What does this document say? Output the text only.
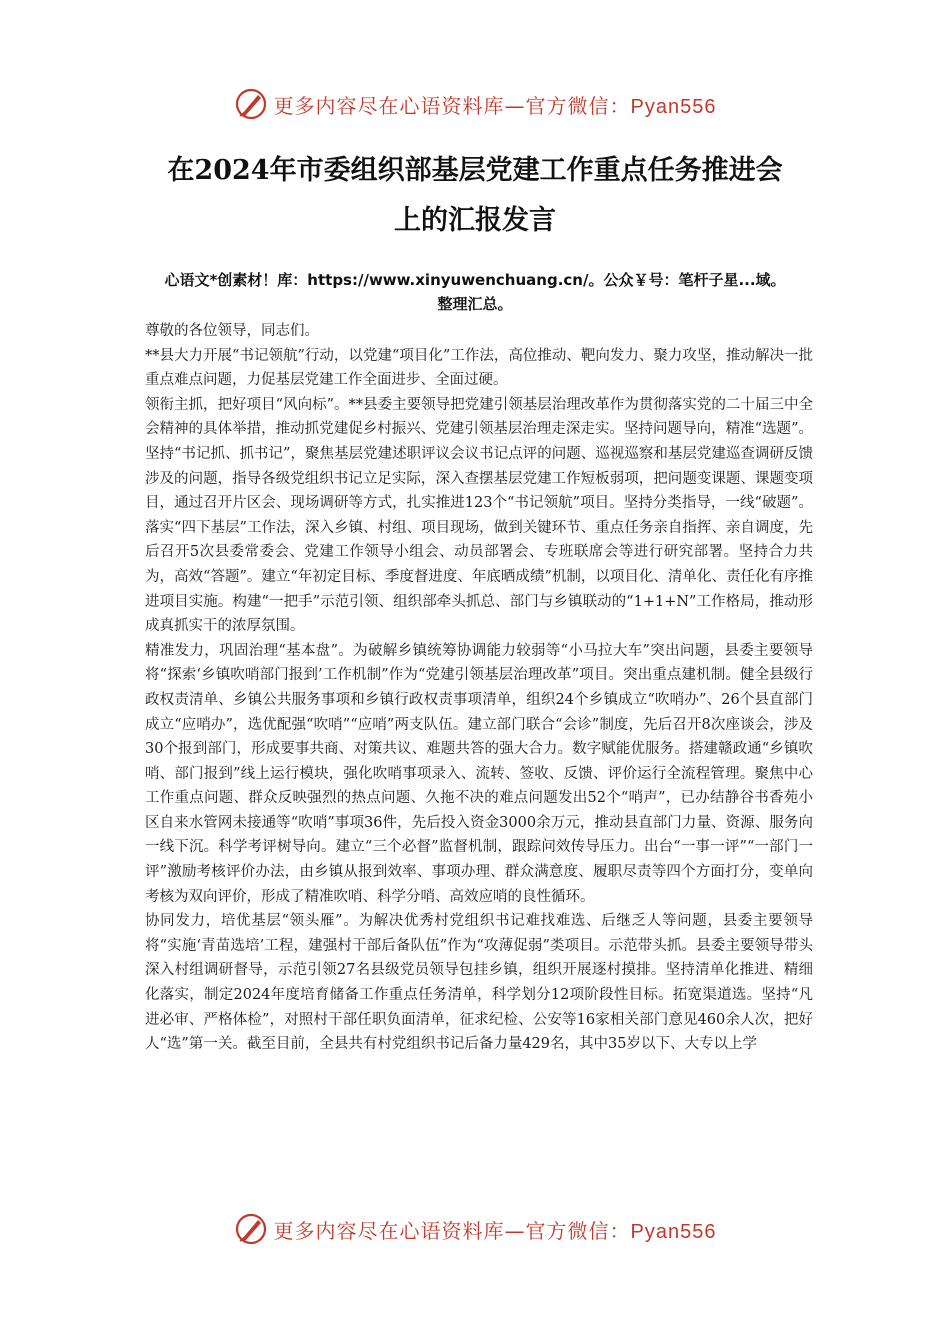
更多内容尽在心语资料库—官方微信：Pyan556
在2024年市委组织部基层党建工作重点任务推进会
上的汇报发言
心语文*创素材！库：https://www.xinyuwenchuang.cn/。公众￥号：笔杆子星...域。
整理汇总。

尊敬的各位领导，同志们。

**县大力开展“书记领航”行动，以党建“项目化”工作法，高位推动、靶向发力、聚力攻坚，推动解决一批重点难点问题，力促基层党建工作全面进步、全面过硬。

领衔主抓，把好项目“风向标”。**县委主要领导把党建引领基层治理改革作为贯彻落实党的二十届三中全会精神的具体举措，推动抓党建促乡村振兴、党建引领基层治理走深走实。坚持问题导向，精准“选题”。坚持“书记抓、抓书记”，聚焦基层党建述职评议会议书记点评的问题、巡视巡察和基层党建巡查调研反馈涉及的问题，指导各级党组织书记立足实际，深入查摆基层党建工作短板弱项，把问题变课题、课题变项目，通过召开片区会、现场调研等方式，扎实推进123个“书记领航”项目。坚持分类指导，一线“破题”。落实“四下基层”工作法，深入乡镇、村组、项目现场，做到关键环节、重点任务亲自指挥、亲自调度，先后召开5次县委常委会、党建工作领导小组会、动员部署会、专班联席会等进行研究部署。坚持合力共为，高效“答题”。建立“年初定目标、季度督进度、年底晒成绩”机制，以项目化、清单化、责任化有序推进项目实施。构建“一把手”示范引领、组织部牵头抓总、部门与乡镇联动的“1+1+N”工作格局，推动形成真抓实干的浓厚氛围。

精准发力，巩固治理“基本盘”。为破解乡镇统筹协调能力较弱等“小马拉大车”突出问题，县委主要领导将“探索‘乡镇吹哨部门报到’工作机制”作为“党建引领基层治理改革”项目。突出重点建机制。健全县级行政权责清单、乡镇公共服务事项和乡镇行政权责事项清单，组织24个乡镇成立“吹哨办”、26个县直部门成立“应哨办”，选优配强“吹哨”“应哨”两支队伍。建立部门联合“会诊”制度，先后召开8次座谈会，涉及30个报到部门，形成要事共商、对策共议、难题共答的强大合力。数字赋能优服务。搭建赣政通“乡镇吹哨、部门报到”线上运行模块，强化吹哨事项录入、流转、签收、反馈、评价运行全流程管理。聚焦中心工作重点问题、群众反映强烈的热点问题、久拖不决的难点问题发出52个“哨声”，已办结静谷书香苑小区自来水管网未接通等“吹哨”事项36件，先后投入资金3000余万元，推动县直部门力量、资源、服务向一线下沉。科学考评树导向。建立“三个必督”监督机制，跟踪问效传导压力。出台“一事一评”“一部门一评”激励考核评价办法，由乡镇从报到效率、事项办理、群众满意度、履职尽责等四个方面打分，变单向考核为双向评价，形成了精准吹哨、科学分哨、高效应哨的良性循环。

协同发力，培优基层“领头雁”。为解决优秀村党组织书记难找难选、后继乏人等问题，县委主要领导将“实施‘青苗选培’工程，建强村干部后备队伍”作为“攻薄促弱”类项目。示范带头抓。县委主要领导带头深入村组调研督导，示范引领27名县级党员领导包挂乡镇，组织开展逐村摸排。坚持清单化推进、精细化落实，制定2024年度培育储备工作重点任务清单，科学划分12项阶段性目标。拓宽渠道选。坚持“凡进必审、严格体检”，对照村干部任职负面清单，征求纪检、公安等16家相关部门意见460余人次，把好人“选”第一关。截至目前，全县共有村党组织书记后备力量429名，其中35岁以下、大专以上学

更多内容尽在心语资料库—官方微信：Pyan556
